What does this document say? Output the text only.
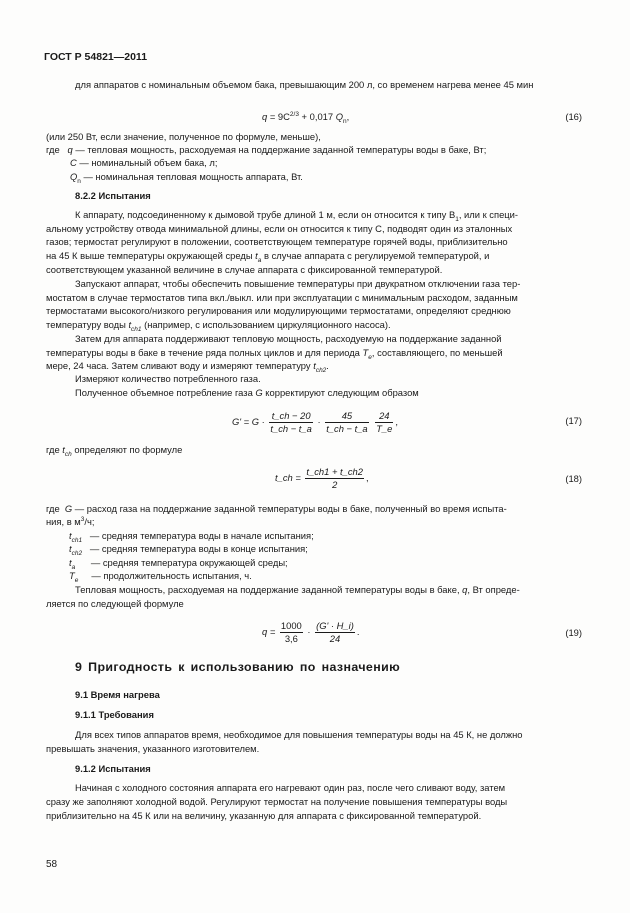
ГОСТ Р 54821—2011
для аппаратов с номинальным объемом бака, превышающим 200 л, со временем нагрева менее 45 мин
$q = 9C^{2/3} + 0,017$ $Q_n$,	(16)
(или 250 Вт, если значение, полученное по формуле, меньше),
где q — тепловая мощность, расходуемая на поддержание заданной температуры воды в баке, Вт;
C — номинальный объем бака, л;
$Q_n$ — номинальная тепловая мощность аппарата, Вт.
8.2.2 Испытания
К аппарату, подсоединенному к дымовой трубе длиной 1 м, если он относится к типу $B_1$, или к специ-
альному устройству отвода минимальной длины, если он относится к типу С, подводят один из эталонных
газов; термостат регулируют в положении, соответствующем температуре горячей воды, приблизительно
на 45 К выше температуры окружающей среды $t_a$ в случае аппарата с регулируемой температурой, и
соответствующем указанной величине в случае аппарата с фиксированной температурой.
Запускают аппарат, чтобы обеспечить повышение температуры при двукратном отключении газа тер-
мостатом в случае термостатов типа вкл./выкл. или при эксплуатации с минимальным расходом, заданным
термостатами высокого/низкого регулирования или модулирующими термостатами, определяют среднюю
температуру воды $t_{ch1}$ (например, с использованием циркуляционного насоса).
Затем для аппарата поддерживают тепловую мощность, расходуемую на поддержание заданной
температуры воды в баке в течение ряда полных циклов и для периода $T_e$, составляющего, по меньшей
мере, 24 часа. Затем сливают воду и измеряют температуру $t_{ch2}$.
Измеряют количество потребленного газа.
Полученное объемное потребление газа G корректируют следующим образом
$G' = G \cdot \frac{t\_ch - 20}{t\_ch - t\_a} \cdot \frac{45}{t\_ch - t\_a}$
$\frac{24}{T\_e}$ ,	(17)
где $t_{ch}$ определяют по формуле
t_ch = $\frac{t\_ch1 + t\_ch2}{2}$ ,	(18)
где  G — расход газа на поддержание заданной температуры воды в баке, полученный во время испыта-
ния, в $м^3/ч$;
$t_{ch1}$ — средняя температура воды в начале испытания;
$t_{ch2}$ — средняя температура воды в конце испытания;
$t_a$ — средняя температура окружающей среды;
$T_e$ — продолжительность испытания, ч.
Тепловая мощность, расходуемая на поддержание заданной температуры воды в баке, q, Вт опреде-
ляется по следующей формуле
$q = \frac{1000}{3,6} \cdot \frac{(G' \cdot H\_i)}{24}$ .	(19)
9 Пригодность к использованию по назначению
9.1 Время нагрева
9.1.1 Требования
Для всех типов аппаратов время, необходимое для повышения температуры воды на 45 К, не должно
превышать значения, указанного изготовителем.
9.1.2 Испытания
Начиная с холодного состояния аппарата его нагревают один раз, после чего сливают воду, затем
сразу же заполняют холодной водой. Регулируют термостат на получение повышения температуры воды
приблизительно на 45 К или на величину, указанную для аппарата с фиксированной температурой.
58
